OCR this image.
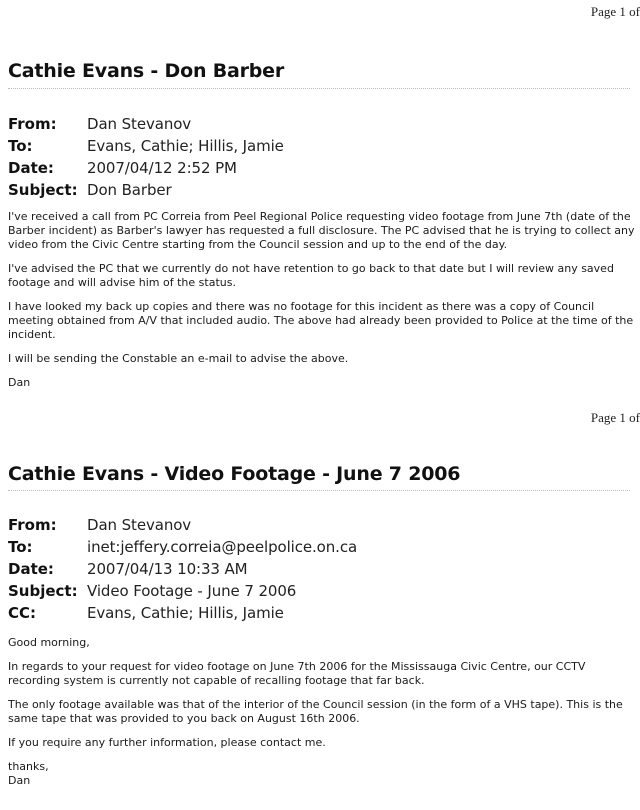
Page 1 of
Cathie Evans - Don Barber
From:	Dan Stevanov
To:	Evans, Cathie; Hillis, Jamie
Date:	2007/04/12 2:52 PM
Subject: Don Barber

I've received a call from PC Correia from Peel Regional Police requesting video footage from June 7th (date of the Barber incident) as Barber's lawyer has requested a full disclosure. The PC advised that he is trying to collect any video from the Civic Centre starting from the Council session and up to the end of the day.

I've advised the PC that we currently do not have retention to go back to that date but I will review any saved footage and will advise him of the status.

I have looked my back up copies and there was no footage for this incident as there was a copy of Council meeting obtained from A/V that included audio. The above had already been provided to Police at the time of the incident.

I will be sending the Constable an e-mail to advise the above.

Dan

Page 1 of
Cathie Evans - Video Footage - June 7 2006
From:	Dan Stevanov
To:	inet:jeffery.correia@peelpolice.on.ca
Date:	2007/04/13 10:33 AM
Subject: Video Footage - June 7 2006
CC:	Evans, Cathie; Hillis, Jamie

Good morning,

In regards to your request for video footage on June 7th 2006 for the Mississauga Civic Centre, our CCTV recording system is currently not capable of recalling footage that far back.

The only footage available was that of the interior of the Council session (in the form of a VHS tape). This is the same tape that was provided to you back on August 16th 2006.

If you require any further information, please contact me.

thanks,

Dan
